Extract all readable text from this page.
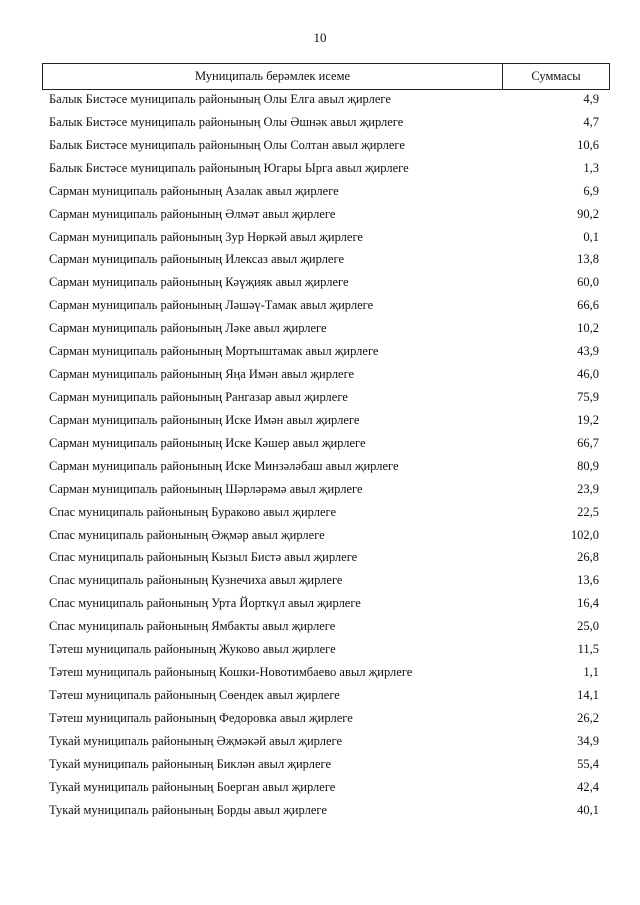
10
Муниципаль берәмлек исеме	Суммасы
Балык Бистәсе муниципаль районының Олы Елга авыл җирлеге	4,9
Балык Бистәсе муниципаль районының Олы Әшнәк авыл җирлеге	4,7
Балык Бистәсе муниципаль районының Олы Солтан авыл җирлеге	10,6
Балык Бистәсе муниципаль районының Югары Ырга авыл җирлеге	1,3
Сарман муниципаль районының Азалак авыл җирлеге	6,9
Сарман муниципаль районының Әлмәт авыл җирлеге	90,2
Сарман муниципаль районының Зур Нөркәй авыл җирлеге	0,1
Сарман муниципаль районының Илексаз авыл җирлеге	13,8
Сарман муниципаль районының Кәүҗияк авыл җирлеге	60,0
Сарман муниципаль районының Ләшәү-Тамак авыл җирлеге	66,6
Сарман муниципаль районының Ләке авыл җирлеге	10,2
Сарман муниципаль районының Мортыштамак авыл җирлеге	43,9
Сарман муниципаль районының Яңа Имән авыл җирлеге	46,0
Сарман муниципаль районының Рангазар авыл җирлеге	75,9
Сарман муниципаль районының Иске Имән авыл җирлеге	19,2
Сарман муниципаль районының Иске Кәшер авыл җирлеге	66,7
Сарман муниципаль районының Иске Минзәләбаш авыл җирлеге	80,9
Сарман муниципаль районының Шәрләрәмә авыл җирлеге	23,9
Спас муниципаль районының Бураково авыл җирлеге	22,5
Спас муниципаль районының Әҗмәр авыл җирлеге	102,0
Спас муниципаль районының Кызыл Бистә авыл җирлеге	26,8
Спас муниципаль районының Кузнечиха авыл җирлеге	13,6
Спас муниципаль районының Урта Йорткүл авыл җирлеге	16,4
Спас муниципаль районының Ямбакты авыл җирлеге	25,0
Тәтеш муниципаль районының Жуково авыл җирлеге	11,5
Тәтеш муниципаль районының Кошки-Новотимбаево авыл җирлеге	1,1
Тәтеш муниципаль районының Сөендек авыл җирлеге	14,1
Тәтеш муниципаль районының Федоровка авыл җирлеге	26,2
Тукай муниципаль районының Әҗмәкәй авыл җирлеге	34,9
Тукай муниципаль районының Биклән авыл җирлеге	55,4
Тукай муниципаль районының Боерган авыл җирлеге	42,4
Тукай муниципаль районының Борды авыл җирлеге	40,1
